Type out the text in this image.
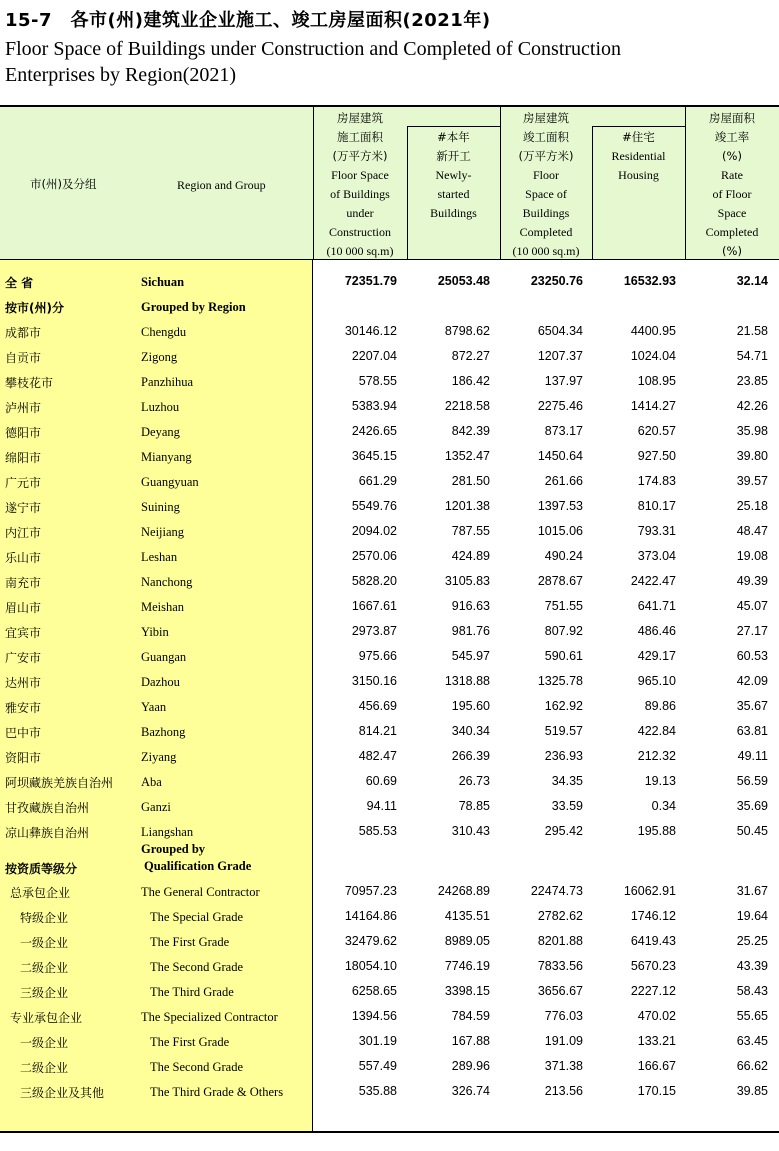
15-7　各市(州)建筑业企业施工、竣工房屋面积(2021年)
Floor Space of Buildings under Construction and Completed of Construction Enterprises by Region(2021)
市(州)及分组	Region and Group
房屋建筑
施工面积
(万平方米)
Floor Space
of Buildings
under
Construction
(10 000 sq.m)
#本年
新开工
Newly-
started
Buildings
房屋建筑
竣工面积
(万平方米)
Floor
Space of
Buildings
Completed
(10 000 sq.m)
#住宅
Residential
Housing
房屋面积
竣工率
(%)
Rate
of Floor
Space
Completed
(%)
全 省	Sichuan	72351.79	25053.48	23250.76	16532.93	32.14
按市(州)分	Grouped by Region
成都市	Chengdu	30146.12	8798.62	6504.34	4400.95	21.58
自贡市	Zigong	2207.04	872.27	1207.37	1024.04	54.71
攀枝花市	Panzhihua	578.55	186.42	137.97	108.95	23.85
泸州市	Luzhou	5383.94	2218.58	2275.46	1414.27	42.26
德阳市	Deyang	2426.65	842.39	873.17	620.57	35.98
绵阳市	Mianyang	3645.15	1352.47	1450.64	927.50	39.80
广元市	Guangyuan	661.29	281.50	261.66	174.83	39.57
遂宁市	Suining	5549.76	1201.38	1397.53	810.17	25.18
内江市	Neijiang	2094.02	787.55	1015.06	793.31	48.47
乐山市	Leshan	2570.06	424.89	490.24	373.04	19.08
南充市	Nanchong	5828.20	3105.83	2878.67	2422.47	49.39
眉山市	Meishan	1667.61	916.63	751.55	641.71	45.07
宜宾市	Yibin	2973.87	981.76	807.92	486.46	27.17
广安市	Guangan	975.66	545.97	590.61	429.17	60.53
达州市	Dazhou	3150.16	1318.88	1325.78	965.10	42.09
雅安市	Yaan	456.69	195.60	162.92	89.86	35.67
巴中市	Bazhong	814.21	340.34	519.57	422.84	63.81
资阳市	Ziyang	482.47	266.39	236.93	212.32	49.11
阿坝藏族羌族自治州 Aba	60.69	26.73	34.35	19.13	56.59
甘孜藏族自治州	Ganzi	94.11	78.85	33.59	0.34	35.69
凉山彝族自治州	Liangshan	585.53	310.43	295.42	195.88	50.45
按资质等级分
Grouped by
Qualification Grade
总承包企业	The General Contractor	70957.23	24268.89	22474.73	16062.91	31.67
特级企业	The Special Grade	14164.86	4135.51	2782.62	1746.12	19.64
一级企业	The First Grade	32479.62	8989.05	8201.88	6419.43	25.25
二级企业	The Second Grade	18054.10	7746.19	7833.56	5670.23	43.39
三级企业	The Third Grade	6258.65	3398.15	3656.67	2227.12	58.43
专业承包企业	The Specialized Contractor	1394.56	784.59	776.03	470.02	55.65
一级企业	The First Grade	301.19	167.88	191.09	133.21	63.45
二级企业	The Second Grade	557.49	289.96	371.38	166.67	66.62
三级企业及其他	The Third Grade & Others	535.88	326.74	213.56	170.15	39.85
